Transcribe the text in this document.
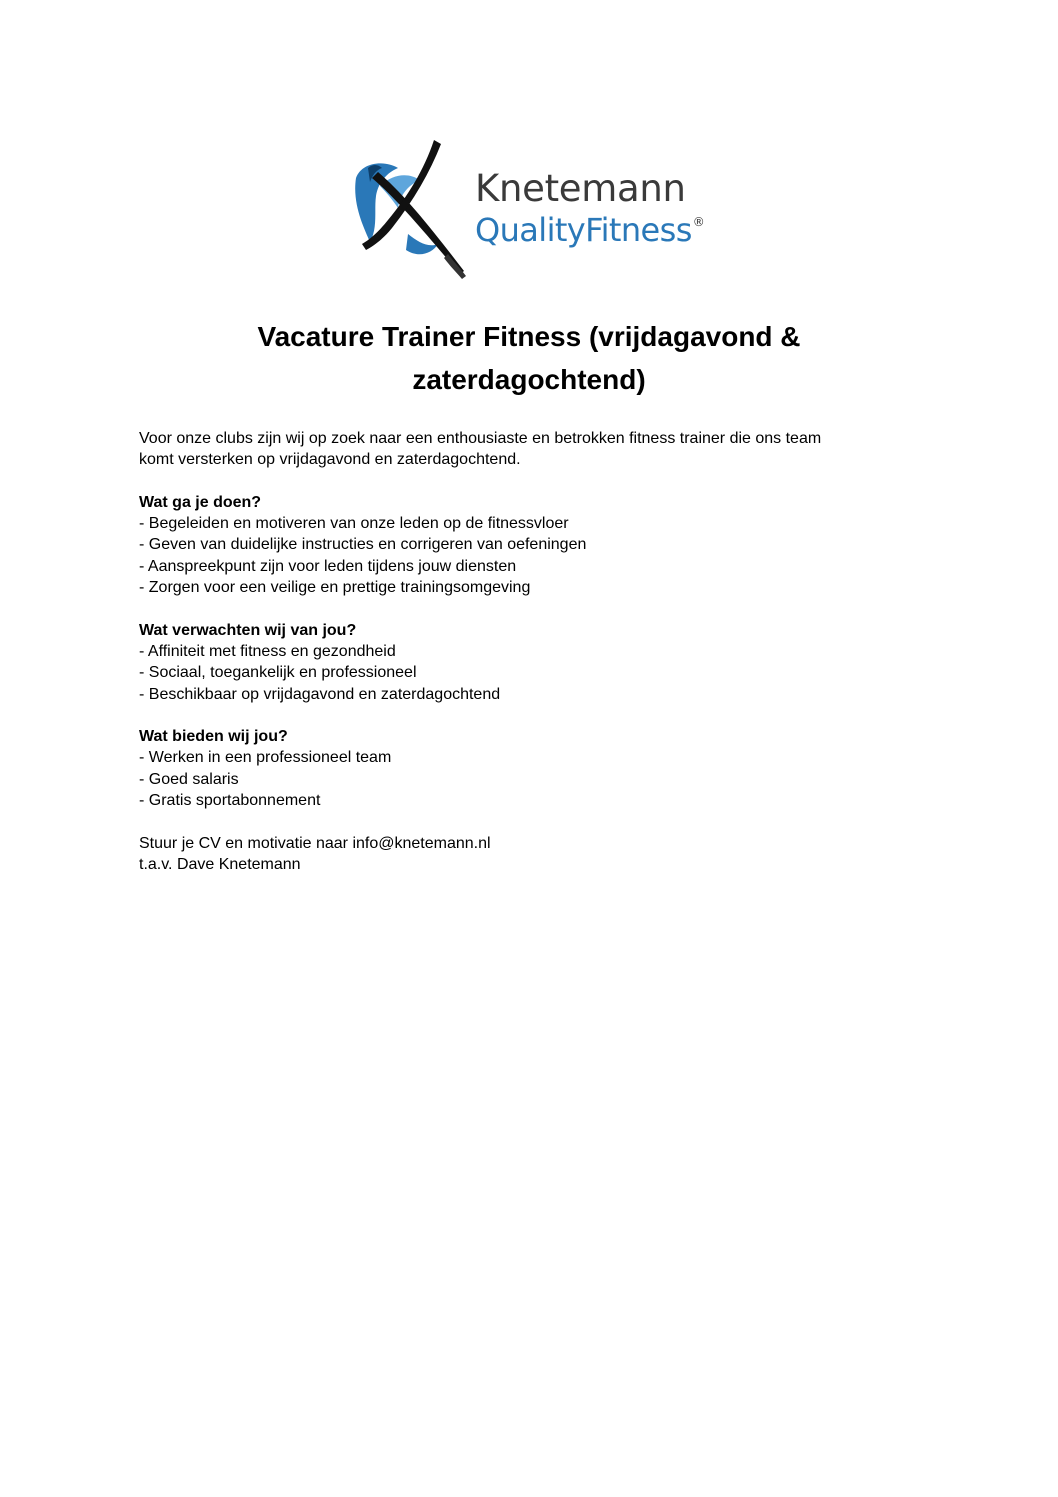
Knetemann
QualityFitness®
Vacature Trainer Fitness (vrijdagavond &
zaterdagochtend)

Voor onze clubs zijn wij op zoek naar een enthousiaste en betrokken fitness trainer die ons team

komt versterken op vrijdagavond en zaterdagochtend.

Wat ga je doen?

- Begeleiden en motiveren van onze leden op de fitnessvloer

- Geven van duidelijke instructies en corrigeren van oefeningen

- Aanspreekpunt zijn voor leden tijdens jouw diensten

- Zorgen voor een veilige en prettige trainingsomgeving

Wat verwachten wij van jou?

- Affiniteit met fitness en gezondheid

- Sociaal, toegankelijk en professioneel

- Beschikbaar op vrijdagavond en zaterdagochtend

Wat bieden wij jou?

- Werken in een professioneel team

- Goed salaris

- Gratis sportabonnement

Stuur je CV en motivatie naar info@knetemann.nl

t.a.v. Dave Knetemann
